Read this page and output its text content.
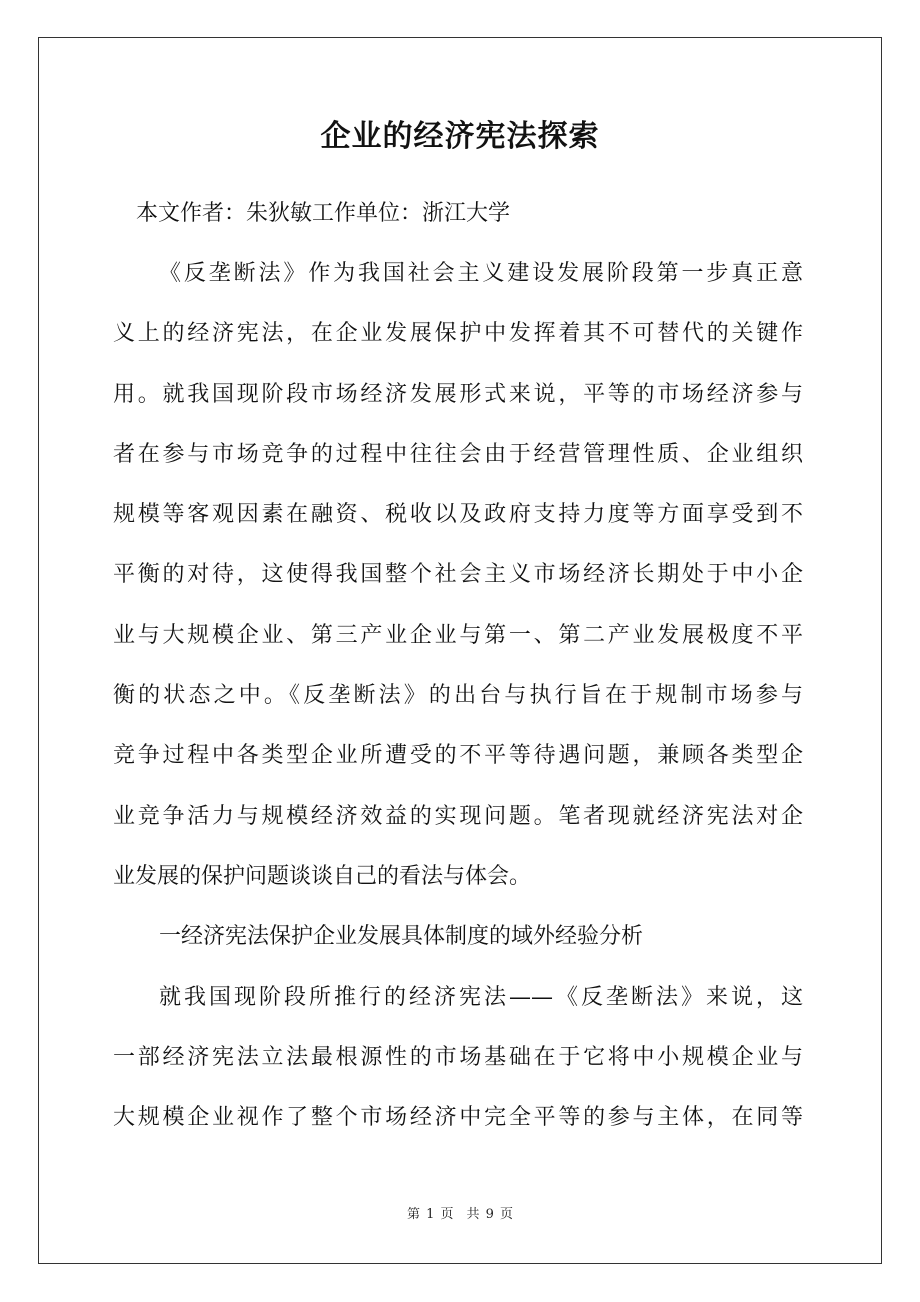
企业的经济宪法探索
本文作者：朱狄敏工作单位：浙江大学
《反垄断法》作为我国社会主义建设发展阶段第一步真正意
义上的经济宪法，在企业发展保护中发挥着其不可替代的关键作
用。就我国现阶段市场经济发展形式来说，平等的市场经济参与
者在参与市场竞争的过程中往往会由于经营管理性质、企业组织
规模等客观因素在融资、税收以及政府支持力度等方面享受到不
平衡的对待，这使得我国整个社会主义市场经济长期处于中小企
业与大规模企业、第三产业企业与第一、第二产业发展极度不平
衡的状态之中。《反垄断法》的出台与执行旨在于规制市场参与
竞争过程中各类型企业所遭受的不平等待遇问题，兼顾各类型企
业竞争活力与规模经济效益的实现问题。笔者现就经济宪法对企
业发展的保护问题谈谈自己的看法与体会。
一经济宪法保护企业发展具体制度的域外经验分析
就我国现阶段所推行的经济宪法——《反垄断法》来说，这
一部经济宪法立法最根源性的市场基础在于它将中小规模企业与
大规模企业视作了整个市场经济中完全平等的参与主体，在同等
第 1 页　共 9 页
